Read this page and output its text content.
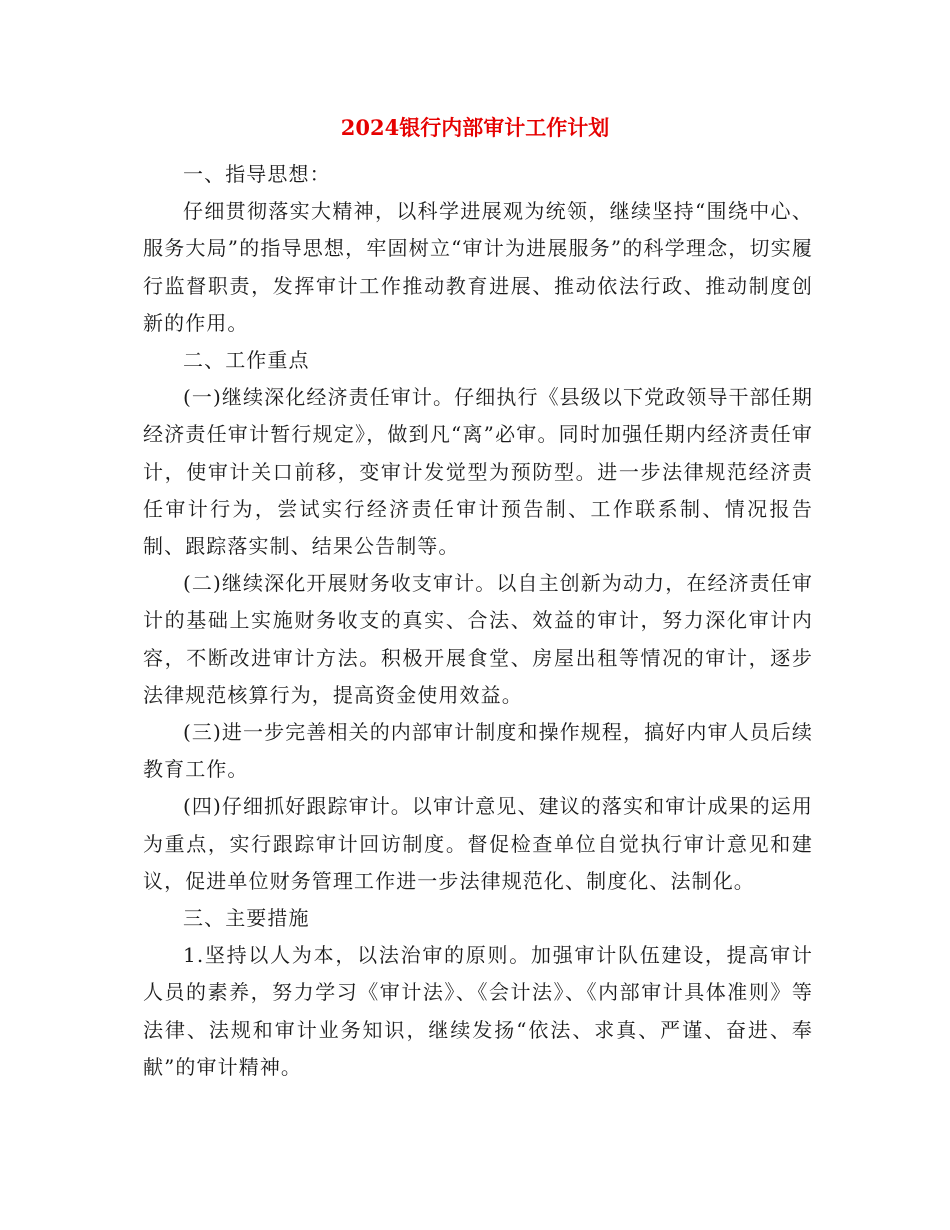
2024银行内部审计工作计划

一、指导思想：

仔细贯彻落实大精神，以科学进展观为统领，继续坚持“围绕中心、服务大局”的指导思想，牢固树立“审计为进展服务”的科学理念，切实履行监督职责，发挥审计工作推动教育进展、推动依法行政、推动制度创新的作用。

二、工作重点

(一)继续深化经济责任审计。仔细执行《县级以下党政领导干部任期经济责任审计暂行规定》，做到凡“离”必审。同时加强任期内经济责任审计，使审计关口前移，变审计发觉型为预防型。进一步法律规范经济责任审计行为，尝试实行经济责任审计预告制、工作联系制、情况报告制、跟踪落实制、结果公告制等。

(二)继续深化开展财务收支审计。以自主创新为动力，在经济责任审计的基础上实施财务收支的真实、合法、效益的审计，努力深化审计内容，不断改进审计方法。积极开展食堂、房屋出租等情况的审计，逐步法律规范核算行为，提高资金使用效益。

(三)进一步完善相关的内部审计制度和操作规程，搞好内审人员后续教育工作。

(四)仔细抓好跟踪审计。以审计意见、建议的落实和审计成果的运用为重点，实行跟踪审计回访制度。督促检查单位自觉执行审计意见和建议，促进单位财务管理工作进一步法律规范化、制度化、法制化。

三、主要措施

1.坚持以人为本，以法治审的原则。加强审计队伍建设，提高审计人员的素养，努力学习《审计法》、《会计法》、《内部审计具体准则》等法律、法规和审计业务知识，继续发扬“依法、求真、严谨、奋进、奉献”的审计精神。
